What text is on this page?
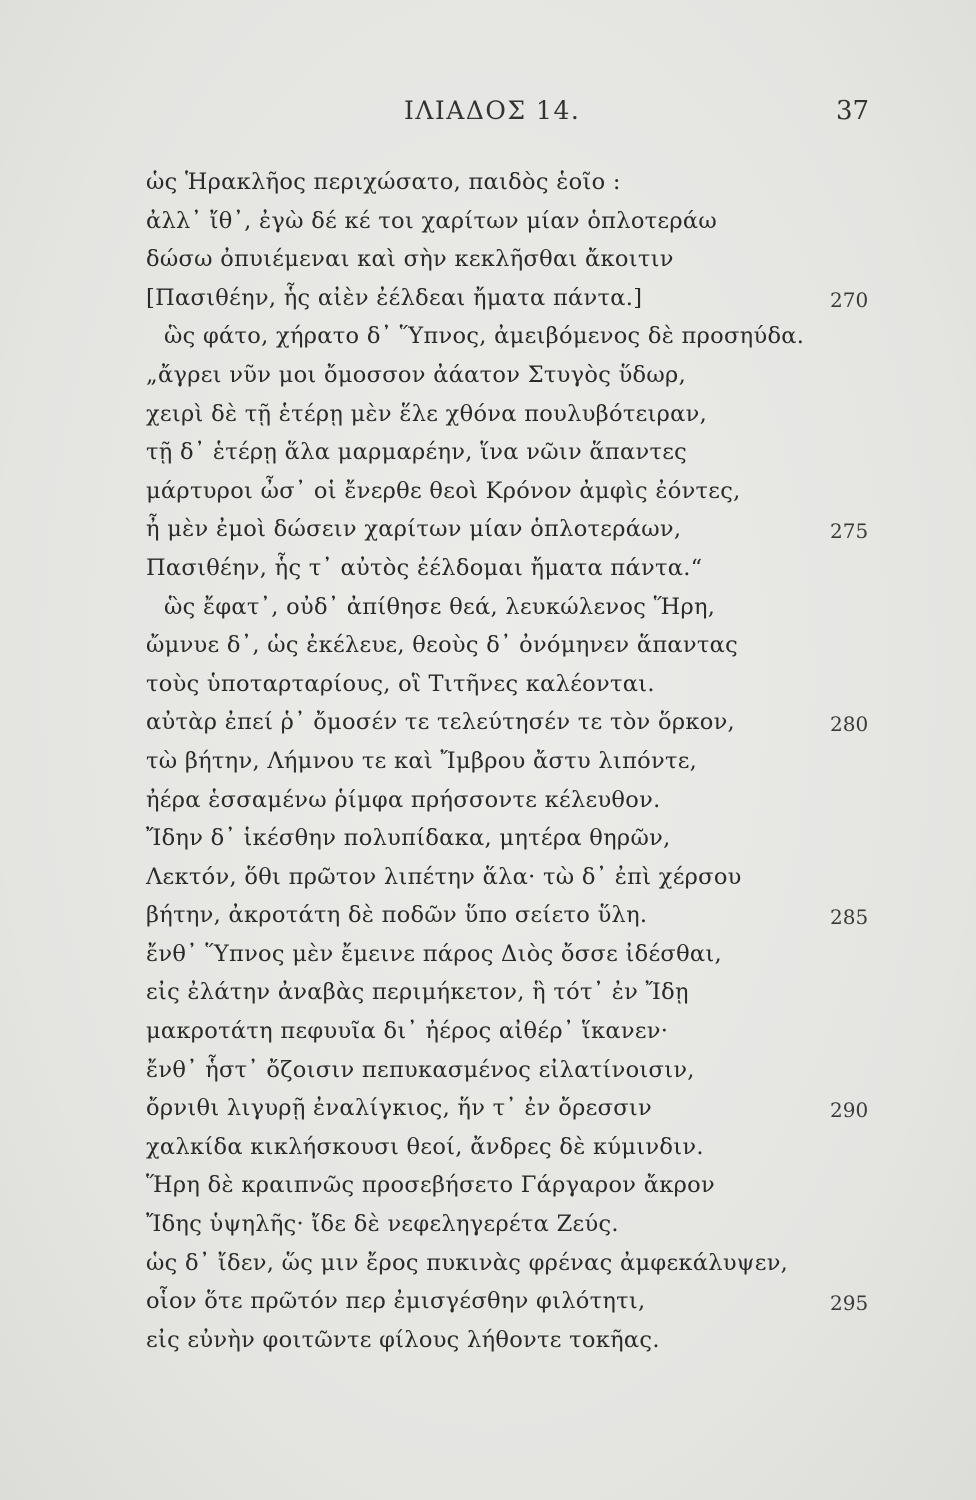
ΙΛΙΑΔΟΣ 14.	37
ὡς Ἡρακλῆος περιχώσατο, παιδὸς ἑοῖο :
ἀλλ᾽ ἴθ᾽, ἐγὼ δέ κέ τοι χαρίτων μίαν ὁπλοτεράω
δώσω ὀπυιέμεναι καὶ σὴν κεκλῆσθαι ἄκοιτιν
[Πασιθέην, ἧς αἰὲν ἐέλδεαι ἤματα πάντα.]	270
ὣς φάτο, χήρατο δ᾽ Ὕπνος, ἀμειβόμενος δὲ προσηύδα.
„ἄγρει νῦν μοι ὄμοσσον ἀάατον Στυγὸς ὕδωρ,
χειρὶ δὲ τῇ ἑτέρῃ μὲν ἕλε χθόνα πουλυβότειραν,
τῇ δ᾽ ἑτέρῃ ἅλα μαρμαρέην, ἵνα νῶιν ἅπαντες
μάρτυροι ὦσ᾽ οἱ ἔνερθε θεοὶ Κρόνον ἀμφὶς ἐόντες,
ἦ μὲν ἐμοὶ δώσειν χαρίτων μίαν ὁπλοτεράων,	275
Πασιθέην, ἧς τ᾽ αὐτὸς ἐέλδομαι ἤματα πάντα.“
ὣς ἔφατ᾽, οὐδ᾽ ἀπίθησε θεά, λευκώλενος Ἥρη,
ὤμνυε δ᾽, ὡς ἐκέλευε, θεοὺς δ᾽ ὀνόμηνεν ἅπαντας
τοὺς ὑποταρταρίους, οἳ Τιτῆνες καλέονται.
αὐτὰρ ἐπεί ῥ᾽ ὄμοσέν τε τελεύτησέν τε τὸν ὅρκον,	280
τὼ βήτην, Λήμνου τε καὶ Ἴμβρου ἄστυ λιπόντε,
ἠέρα ἑσσαμένω ῥίμφα πρήσσοντε κέλευθον.
Ἴδην δ᾽ ἱκέσθην πολυπίδακα, μητέρα θηρῶν,
Λεκτόν, ὅθι πρῶτον λιπέτην ἅλα· τὼ δ᾽ ἐπὶ χέρσου
βήτην, ἀκροτάτη δὲ ποδῶν ὕπο σείετο ὕλη.	285
ἔνθ᾽ Ὕπνος μὲν ἔμεινε πάρος Διὸς ὄσσε ἰδέσθαι,
εἰς ἐλάτην ἀναβὰς περιμήκετον, ἣ τότ᾽ ἐν Ἴδῃ
μακροτάτη πεφυυῖα δι᾽ ἠέρος αἰθέρ᾽ ἵκανεν·
ἔνθ᾽ ἧστ᾽ ὄζοισιν πεπυκασμένος εἰλατίνοισιν,
ὄρνιθι λιγυρῇ ἐναλίγκιος, ἥν τ᾽ ἐν ὄρεσσιν	290
χαλκίδα κικλήσκουσι θεοί, ἄνδρες δὲ κύμινδιν.
Ἥρη δὲ κραιπνῶς προσεβήσετο Γάργαρον ἄκρον
Ἴδης ὑψηλῆς· ἴδε δὲ νεφεληγερέτα Ζεύς.
ὡς δ᾽ ἴδεν, ὥς μιν ἔρος πυκινὰς φρένας ἀμφεκάλυψεν,
οἷον ὅτε πρῶτόν περ ἐμισγέσθην φιλότητι,	295
εἰς εὐνὴν φοιτῶντε φίλους λήθοντε τοκῆας.
